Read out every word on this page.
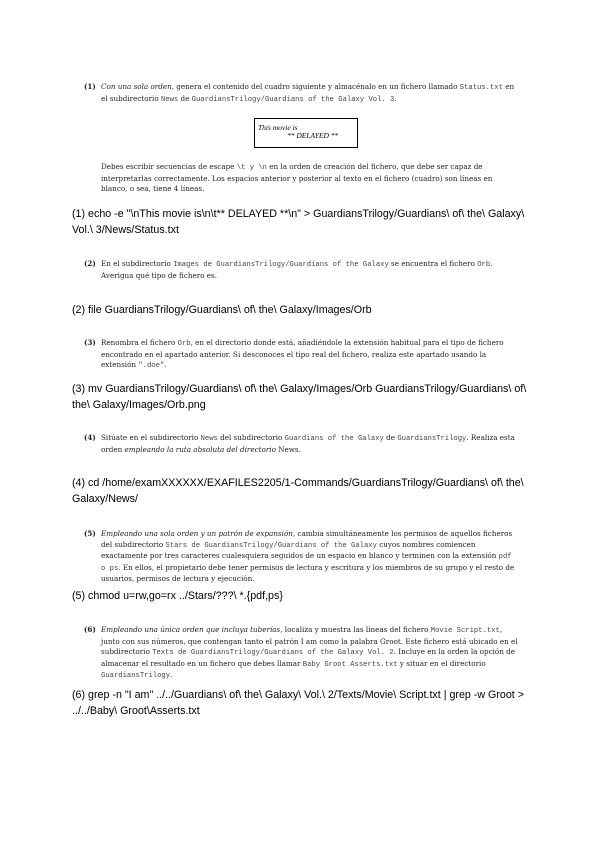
(1) Con una sola orden, genera el contenido del cuadro siguiente y almacénalo en un fichero llamado Status.txt en el subdirectorio News de GuardiansTrilogy/Guardians of the Galaxy Vol. 3.
This movie is
** DELAYED **
Debes escribir secuencias de escape \t y \n en la orden de creación del fichero, que debe ser capaz de interpretarlas correctamente. Los espacios anterior y posterior al texto en el fichero (cuadro) son líneas en blanco, o sea, tiene 4 líneas.
(1) echo -e "\nThis movie is\n\t** DELAYED **\n" > GuardiansTrilogy/Guardians\ of\ the\ Galaxy\ Vol.\ 3/News/Status.txt
(2) En el subdirectorio Images de GuardiansTrilogy/Guardians of the Galaxy se encuentra el fichero Orb. Averigua qué tipo de fichero es.
(2) file GuardiansTrilogy/Guardians\ of\ the\ Galaxy/Images/Orb
(3) Renombra el fichero Orb, en el directorio donde está, añadiéndole la extensión habitual para el tipo de fichero encontrado en el apartado anterior. Si desconoces el tipo real del fichero, realiza este apartado usando la extensión ".doe".
(3) mv GuardiansTrilogy/Guardians\ of\ the\ Galaxy/Images/Orb GuardiansTrilogy/Guardians\ of\ the\ Galaxy/Images/Orb.png
(4) Sitúate en el subdirectorio News del subdirectorio Guardians of the Galaxy de GuardiansTrilogy. Realiza esta orden empleando la ruta absoluta del directorio News.
(4) cd /home/examXXXXXX/EXAFILES2205/1-Commands/GuardiansTrilogy/Guardians\ of\ the\ Galaxy/News/
(5) Empleando una sola orden y un patrón de expansión, cambia simultáneamente los permisos de aquellos ficheros del subdirectorio Stars de GuardiansTrilogy/Guardians of the Galaxy cuyos nombres comiencen exactamente por tres caracteres cualesquiera seguidos de un espacio en blanco y terminen con la extensión pdf o ps. En ellos, el propietario debe tener permisos de lectura y escritura y los miembros de su grupo y el resto de usuarios, permisos de lectura y ejecución.
(5) chmod u=rw,go=rx ../Stars/???\ *.{pdf,ps}
(6) Empleando una única orden que incluya tuberías, localiza y muestra las líneas del fichero Movie Script.txt, junto con sus números, que contengan tanto el patrón I am como la palabra Groot. Este fichero está ubicado en el subdirectorio Texts de GuardiansTrilogy/Guardians of the Galaxy Vol. 2. Incluye en la orden la opción de almacenar el resultado en un fichero que debes llamar Baby Groot Asserts.txt y situar en el directorio GuardiansTrilogy.
(6) grep -n "I am" ../../Guardians\ of\ the\ Galaxy\ Vol.\ 2/Texts/Movie\ Script.txt | grep -w Groot > ../../Baby\ Groot\Asserts.txt
